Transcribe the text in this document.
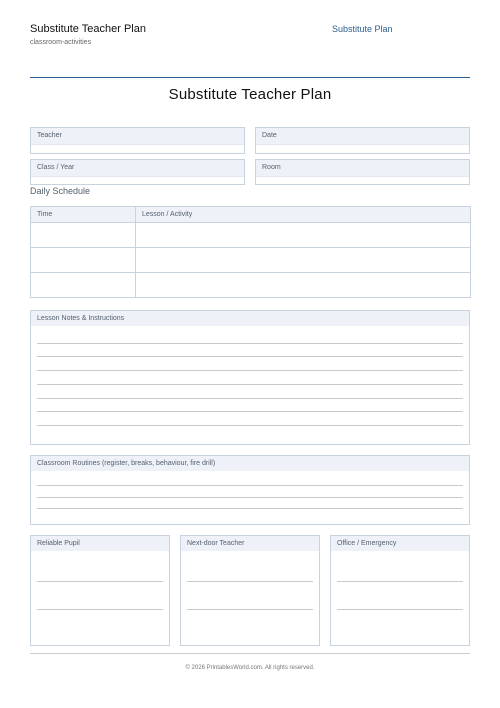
Substitute Teacher Plan
classroom-activities
Substitute Plan
Substitute Teacher Plan
Teacher	Date
Class / Year	Room
Daily Schedule
Time	Lesson / Activity

Lesson Notes & Instructions
Classroom Routines (register, breaks, behaviour, fire drill)
Reliable Pupil	Next-door Teacher	Office / Emergency
© 2026 PrintablesWorld.com. All rights reserved.
